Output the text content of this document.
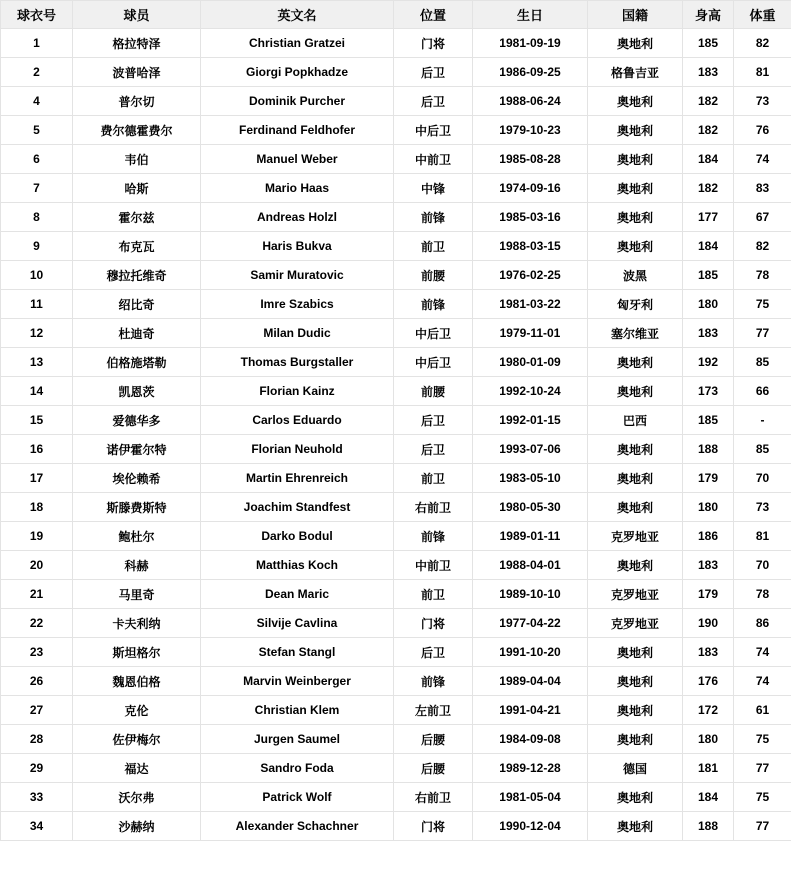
球衣号	球员	英文名	位置	生日	国籍	身高	体重
1	格拉特泽	Christian Gratzei	门将	1981-09-19	奥地利	185	82
2	波普哈泽	Giorgi Popkhadze	后卫	1986-09-25	格鲁吉亚	183	81
4	普尔切	Dominik Purcher	后卫	1988-06-24	奥地利	182	73
5	费尔德霍费尔	Ferdinand Feldhofer	中后卫	1979-10-23	奥地利	182	76
6	韦伯	Manuel Weber	中前卫	1985-08-28	奥地利	184	74
7	哈斯	Mario Haas	中锋	1974-09-16	奥地利	182	83
8	霍尔兹	Andreas Holzl	前锋	1985-03-16	奥地利	177	67
9	布克瓦	Haris Bukva	前卫	1988-03-15	奥地利	184	82
10	穆拉托维奇	Samir Muratovic	前腰	1976-02-25	波黑	185	78
11	绍比奇	Imre Szabics	前锋	1981-03-22	匈牙利	180	75
12	杜迪奇	Milan Dudic	中后卫	1979-11-01	塞尔维亚	183	77
13	伯格施塔勒	Thomas Burgstaller	中后卫	1980-01-09	奥地利	192	85
14	凯恩茨	Florian Kainz	前腰	1992-10-24	奥地利	173	66
15	爱德华多	Carlos Eduardo	后卫	1992-01-15	巴西	185	-
16	诺伊霍尔特	Florian Neuhold	后卫	1993-07-06	奥地利	188	85
17	埃伦赖希	Martin Ehrenreich	前卫	1983-05-10	奥地利	179	70
18	斯滕费斯特	Joachim Standfest	右前卫	1980-05-30	奥地利	180	73
19	鲍杜尔	Darko Bodul	前锋	1989-01-11	克罗地亚	186	81
20	科赫	Matthias Koch	中前卫	1988-04-01	奥地利	183	70
21	马里奇	Dean Maric	前卫	1989-10-10	克罗地亚	179	78
22	卡夫利纳	Silvije Cavlina	门将	1977-04-22	克罗地亚	190	86
23	斯坦格尔	Stefan Stangl	后卫	1991-10-20	奥地利	183	74
26	魏恩伯格	Marvin Weinberger	前锋	1989-04-04	奥地利	176	74
27	克伦	Christian Klem	左前卫	1991-04-21	奥地利	172	61
28	佐伊梅尔	Jurgen Saumel	后腰	1984-09-08	奥地利	180	75
29	福达	Sandro Foda	后腰	1989-12-28	德国	181	77
33	沃尔弗	Patrick Wolf	右前卫	1981-05-04	奥地利	184	75
34	沙赫纳	Alexander Schachner	门将	1990-12-04	奥地利	188	77
